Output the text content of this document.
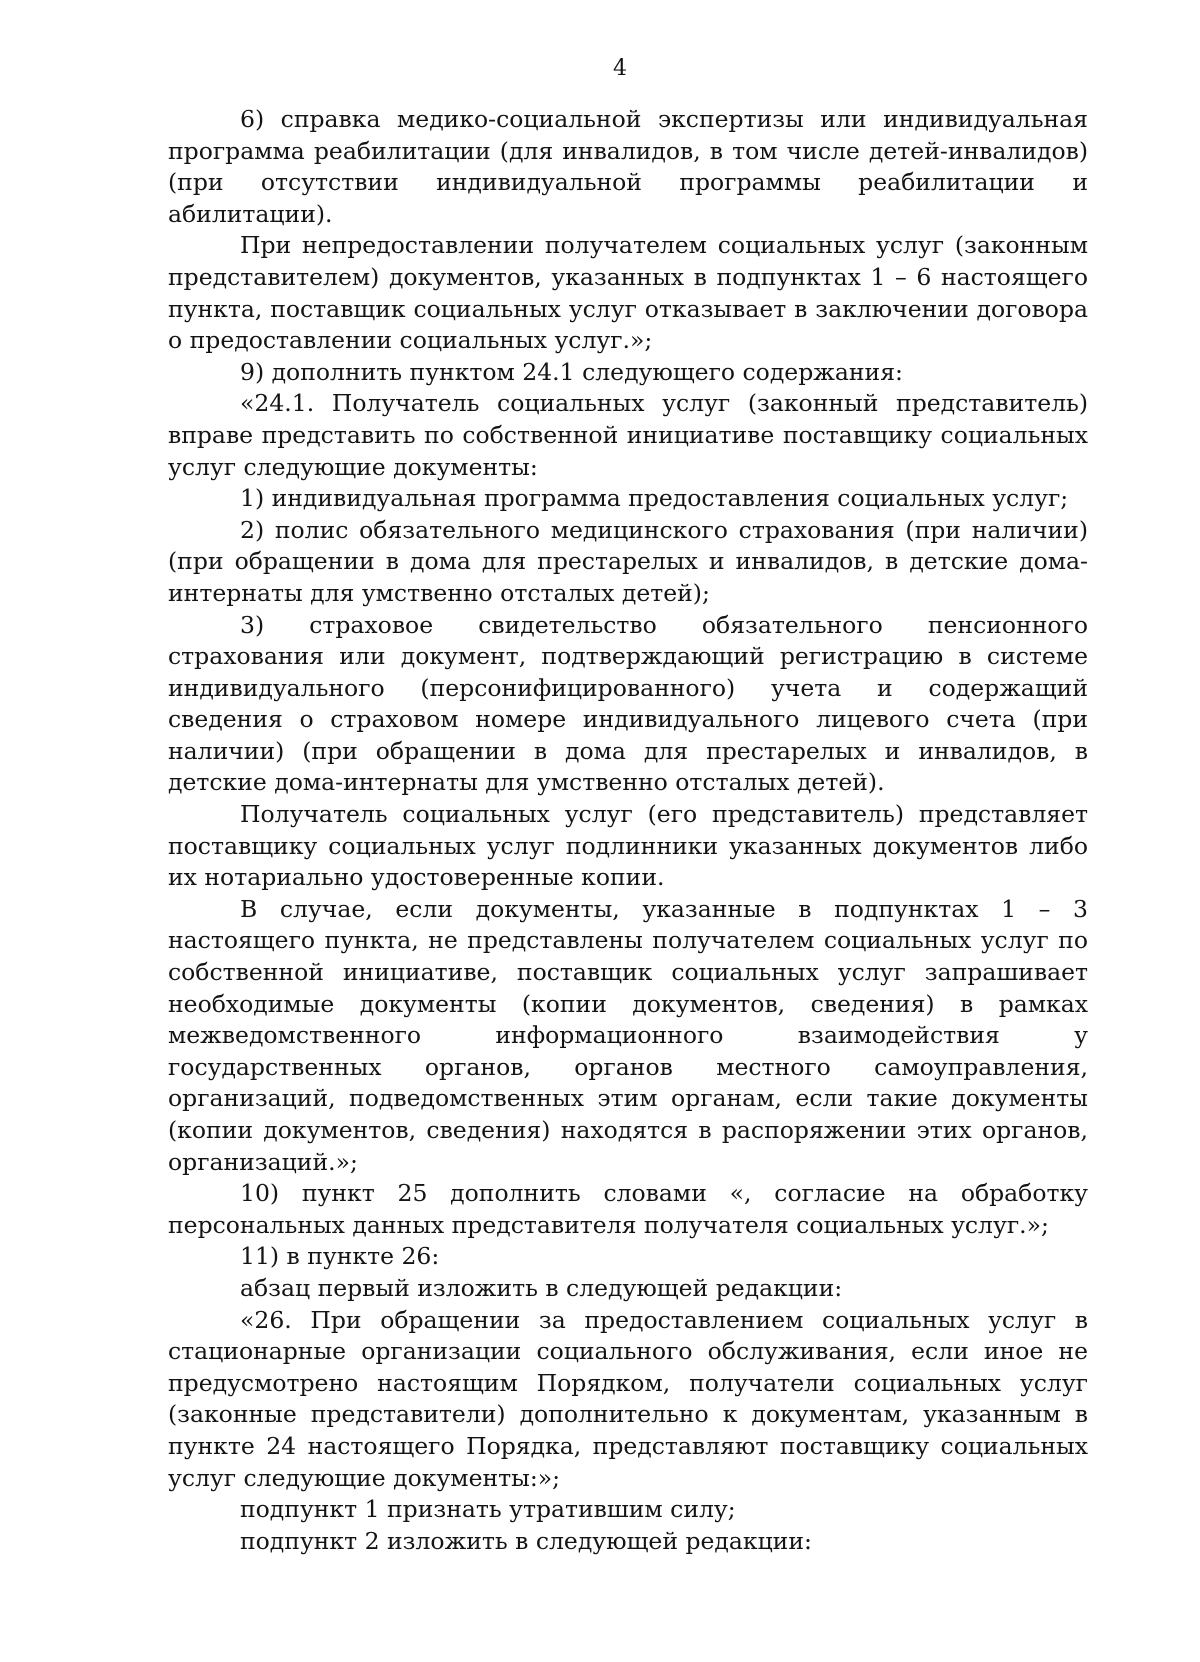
4

6) справка медико-социальной экспертизы или индивидуальная программа реабилитации (для инвалидов, в том числе детей-инвалидов) (при отсутствии индивидуальной программы реабилитации и абилитации).

При непредоставлении получателем социальных услуг (законным представителем) документов, указанных в подпунктах 1 – 6 настоящего пункта, поставщик социальных услуг отказывает в заключении договора о предоставлении социальных услуг.»;

9) дополнить пунктом 24.1 следующего содержания:

«24.1. Получатель социальных услуг (законный представитель) вправе представить по собственной инициативе поставщику социальных услуг следующие документы:

1) индивидуальная программа предоставления социальных услуг;

2) полис обязательного медицинского страхования (при наличии) (при обращении в дома для престарелых и инвалидов, в детские дома-интернаты для умственно отсталых детей);

3) страховое свидетельство обязательного пенсионного страхования или документ, подтверждающий регистрацию в системе индивидуального (персонифицированного) учета и содержащий сведения о страховом номере индивидуального лицевого счета (при наличии) (при обращении в дома для престарелых и инвалидов, в детские дома-интернаты для умственно отсталых детей).

Получатель социальных услуг (его представитель) представляет поставщику социальных услуг подлинники указанных документов либо их нотариально удостоверенные копии.

В случае, если документы, указанные в подпунктах 1 – 3 настоящего пункта, не представлены получателем социальных услуг по собственной инициативе, поставщик социальных услуг запрашивает необходимые документы (копии документов, сведения) в рамках межведомственного информационного взаимодействия у государственных органов, органов местного самоуправления, организаций, подведомственных этим органам, если такие документы (копии документов, сведения) находятся в распоряжении этих органов, организаций.»;

10) пункт 25 дополнить словами «, согласие на обработку персональных данных представителя получателя социальных услуг.»;

11) в пункте 26:

абзац первый изложить в следующей редакции:

«26. При обращении за предоставлением социальных услуг в стационарные организации социального обслуживания, если иное не предусмотрено настоящим Порядком, получатели социальных услуг (законные представители) дополнительно к документам, указанным в пункте 24 настоящего Порядка, представляют поставщику социальных услуг следующие документы:»;

подпункт 1 признать утратившим силу;

подпункт 2 изложить в следующей редакции:
